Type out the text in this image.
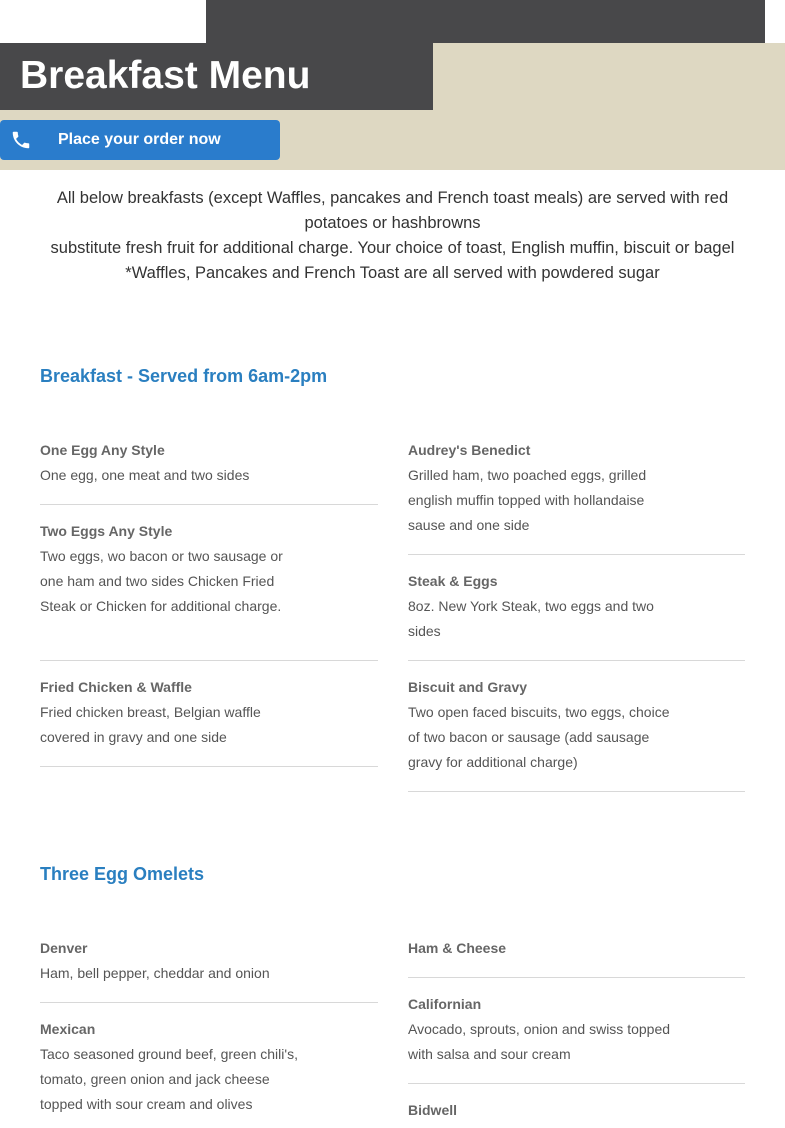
Breakfast Menu
Place your order now

All below breakfasts (except Waffles, pancakes and French toast meals) are served with red potatoes or hashbrowns

substitute fresh fruit for additional charge. Your choice of toast, English muffin, biscuit or bagel

*Waffles, Pancakes and French Toast are all served with powdered sugar

Breakfast - Served from 6am-2pm
One Egg Any Style
One egg, one meat and two sides
Audrey's Benedict
Grilled ham, two poached eggs, grilled english muffin topped with hollandaise sause and one side
Two Eggs Any Style
Two eggs, wo bacon or two sausage or one ham and two sides Chicken Fried Steak or Chicken for additional charge.
Steak & Eggs
8oz. New York Steak, two eggs and two sides
Fried Chicken & Waffle
Fried chicken breast, Belgian waffle covered in gravy and one side
Biscuit and Gravy
Two open faced biscuits, two eggs, choice of two bacon or sausage (add sausage gravy for additional charge)
Three Egg Omelets
Denver
Ham, bell pepper, cheddar and onion
Ham & Cheese
Mexican
Taco seasoned ground beef, green chili's, tomato, green onion and jack cheese topped with sour cream and olives
Californian
Avocado, sprouts, onion and swiss topped with salsa and sour cream
Bidwell
